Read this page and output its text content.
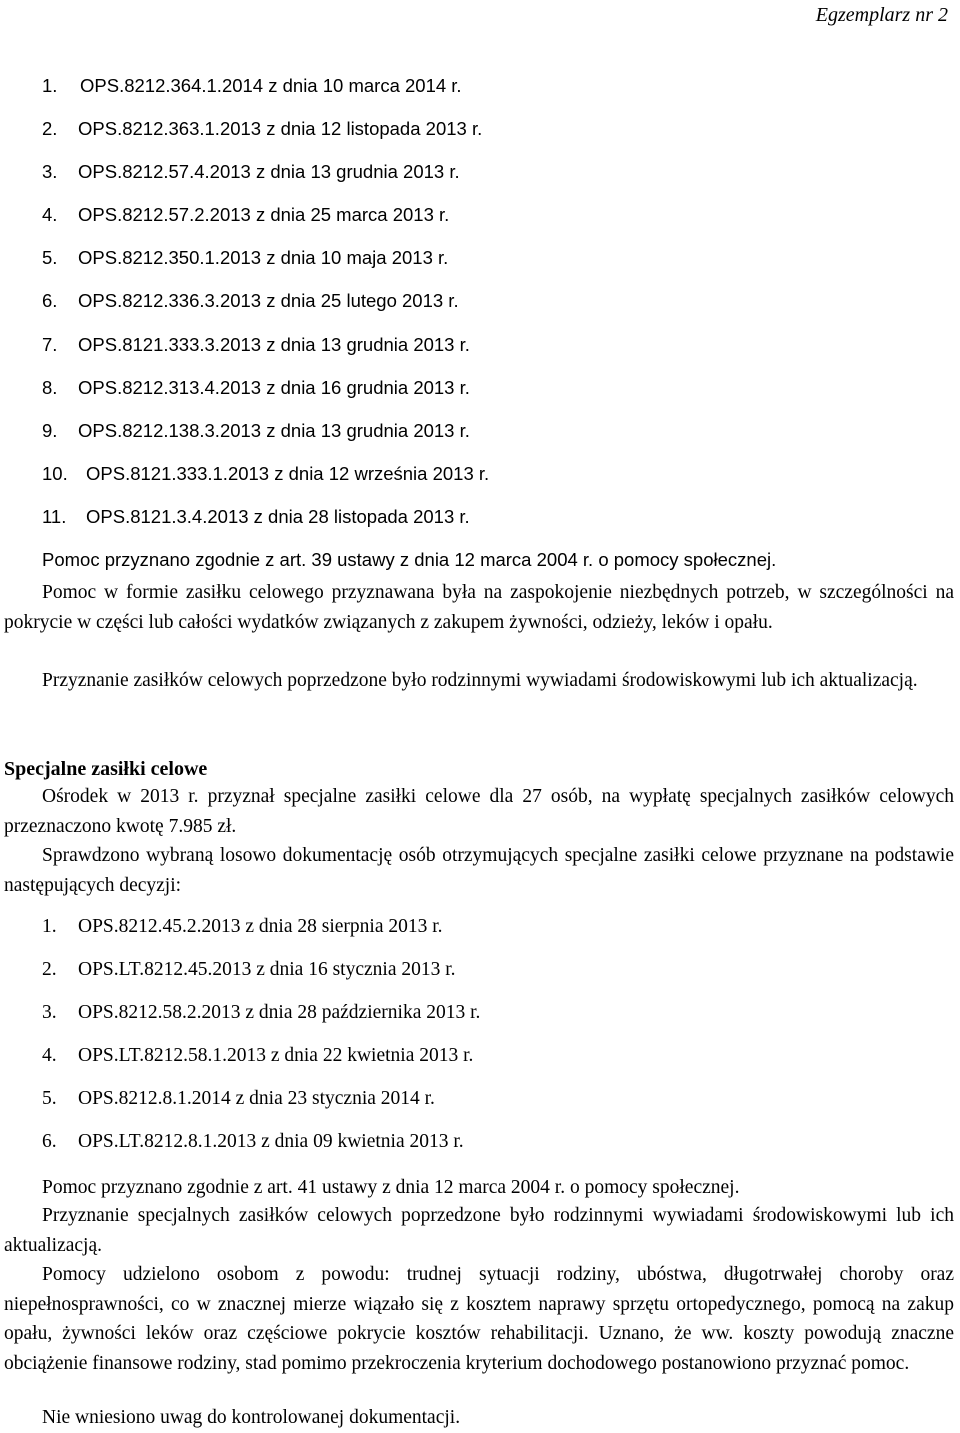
Egzemplarz nr 2
1. OPS.8212.364.1.2014 z dnia 10 marca 2014 r.
2. OPS.8212.363.1.2013 z dnia 12 listopada 2013 r.
3. OPS.8212.57.4.2013 z dnia 13 grudnia 2013 r.
4. OPS.8212.57.2.2013 z dnia 25 marca 2013 r.
5. OPS.8212.350.1.2013 z dnia 10 maja 2013 r.
6. OPS.8212.336.3.2013 z dnia 25 lutego 2013 r.
7. OPS.8121.333.3.2013 z dnia 13 grudnia 2013 r.
8. OPS.8212.313.4.2013 z dnia 16 grudnia 2013 r.
9. OPS.8212.138.3.2013 z dnia 13 grudnia 2013 r.
10. OPS.8121.333.1.2013 z dnia 12 września 2013 r.
11. OPS.8121.3.4.2013 z dnia 28 listopada 2013 r.
Pomoc przyznano zgodnie z art. 39 ustawy z dnia 12 marca 2004 r. o pomocy społecznej.
Pomoc w formie zasiłku celowego przyznawana była na zaspokojenie niezbędnych potrzeb, w szczególności na pokrycie w części lub całości wydatków związanych z zakupem żywności, odzieży, leków i opału.
Przyznanie zasiłków celowych poprzedzone było rodzinnymi wywiadami środowiskowymi lub ich aktualizacją.
Specjalne zasiłki celowe
Ośrodek w 2013 r. przyznał specjalne zasiłki celowe dla 27 osób, na wypłatę specjalnych zasiłków celowych przeznaczono kwotę 7.985 zł.
Sprawdzono wybraną losowo dokumentację osób otrzymujących specjalne zasiłki celowe przyznane na podstawie następujących decyzji:
1. OPS.8212.45.2.2013 z dnia 28 sierpnia 2013 r.
2. OPS.LT.8212.45.2013 z dnia 16 stycznia 2013 r.
3. OPS.8212.58.2.2013 z dnia 28 października 2013 r.
4. OPS.LT.8212.58.1.2013 z dnia 22 kwietnia 2013 r.
5. OPS.8212.8.1.2014 z dnia 23 stycznia 2014 r.
6. OPS.LT.8212.8.1.2013 z dnia 09 kwietnia 2013 r.
Pomoc przyznano zgodnie z art. 41 ustawy z dnia 12 marca 2004 r. o pomocy społecznej.
Przyznanie specjalnych zasiłków celowych poprzedzone było rodzinnymi wywiadami środowiskowymi lub ich aktualizacją.
Pomocy udzielono osobom z powodu: trudnej sytuacji rodziny, ubóstwa, długotrwałej choroby oraz niepełnosprawności, co w znacznej mierze wiązało się z kosztem naprawy sprzętu ortopedycznego, pomocą na zakup opału, żywności leków oraz częściowe pokrycie kosztów rehabilitacji. Uznano, że ww. koszty powodują znaczne obciążenie finansowe rodziny, stad pomimo przekroczenia kryterium dochodowego postanowiono przyznać pomoc.
Nie wniesiono uwag do kontrolowanej dokumentacji.
